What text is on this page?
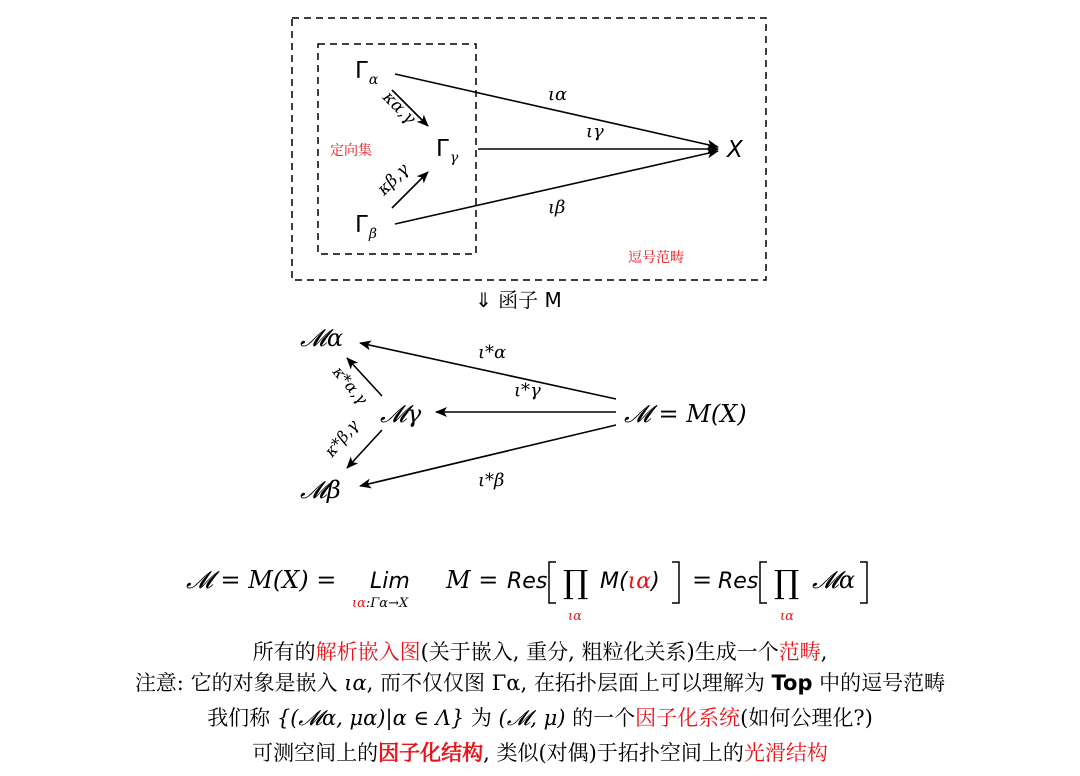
$\Gamma_\alpha$
$\Gamma_\gamma$
$\Gamma_\beta$
X
ια
ιγ
ιβ
κα,γ
κβ,γ
定向集
逗号范畴
⇓ 函子 M
𝓜α
𝓜γ
𝓜β
𝓜 = M(X)
ι*α
ι*γ
ι*β
κ*α,γ
κ*β,γ
𝓜 = M(X) = Lim
ια:Γα→X
M = Res ∏
ια
M(ια) = Res ∏
ια
𝓜α
所有的解析嵌入图(关于嵌入, 重分, 粗粒化关系)生成一个范畴,
注意: 它的对象是嵌入 ια, 而不仅仅图 Γα, 在拓扑层面上可以理解为 Top 中的逗号范畴
我们称 {(𝓜α, μα)|α ∈ Λ} 为 (𝓜, μ) 的一个因子化系统(如何公理化?)
可测空间上的因子化结构, 类似(对偶)于拓扑空间上的光滑结构
